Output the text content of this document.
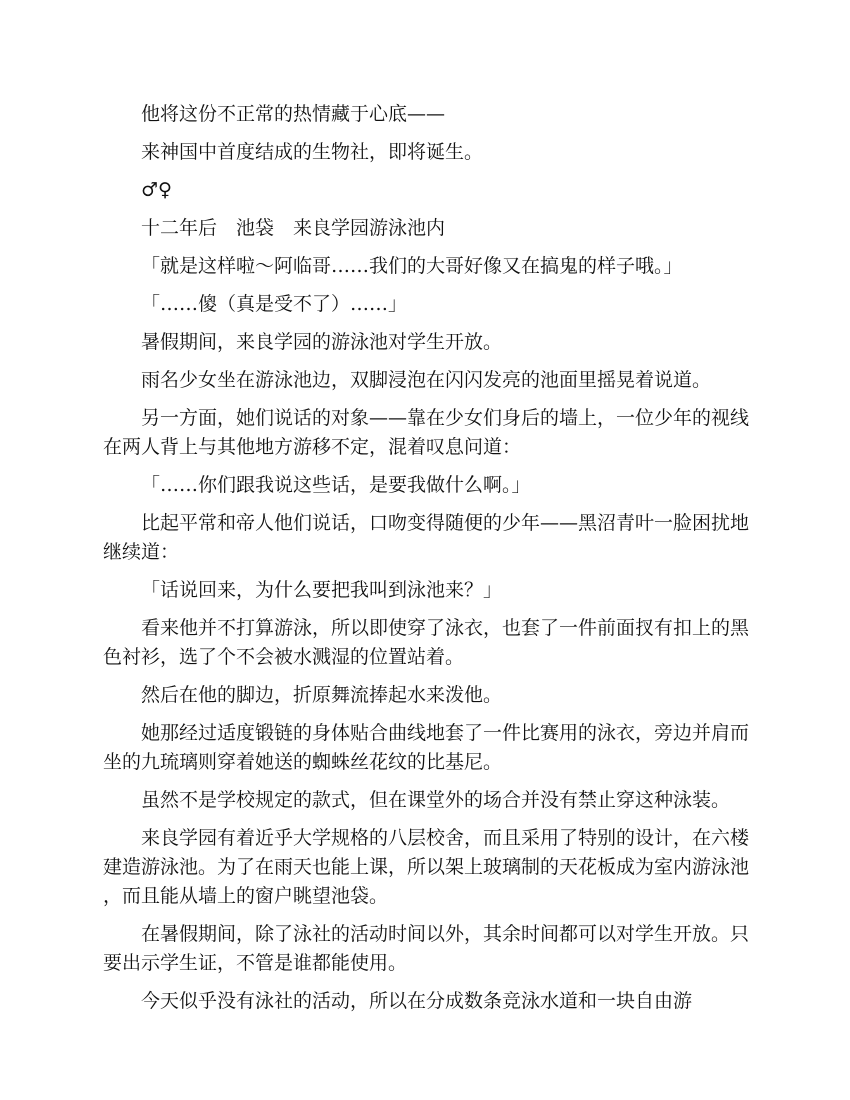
他将这份不正常的热情藏于心底——

来神国中首度结成的生物社，即将诞生。

♂♀

十二年后　池袋　来良学园游泳池内

「就是这样啦～阿临哥……我们的大哥好像又在搞鬼的样子哦。」

「……傻（真是受不了）……」

暑假期间，来良学园的游泳池对学生开放。

雨名少女坐在游泳池边，双脚浸泡在闪闪发亮的池面里摇晃着说道。

另一方面，她们说话的对象——靠在少女们身后的墙上，一位少年的视线在两人背上与其他地方游移不定，混着叹息问道：

「……你们跟我说这些话，是要我做什么啊。」

比起平常和帝人他们说话，口吻变得随便的少年——黑沼青叶一脸困扰地继续道：

「话说回来，为什么要把我叫到泳池来？」

看来他并不打算游泳，所以即使穿了泳衣，也套了一件前面扠有扣上的黑色衬衫，选了个不会被水溅湿的位置站着。

然后在他的脚边，折原舞流捧起水来泼他。

她那经过适度锻链的身体贴合曲线地套了一件比赛用的泳衣，旁边并肩而坐的九琉璃则穿着她送的蜘蛛丝花纹的比基尼。

虽然不是学校规定的款式，但在课堂外的场合并没有禁止穿这种泳装。

来良学园有着近乎大学规格的八层校舍，而且采用了特别的设计，在六楼建造游泳池。为了在雨天也能上课，所以架上玻璃制的天花板成为室内游泳池，而且能从墙上的窗户眺望池袋。

在暑假期间，除了泳社的活动时间以外，其余时间都可以对学生开放。只要出示学生证，不管是谁都能使用。

今天似乎没有泳社的活动，所以在分成数条竞泳水道和一块自由游
